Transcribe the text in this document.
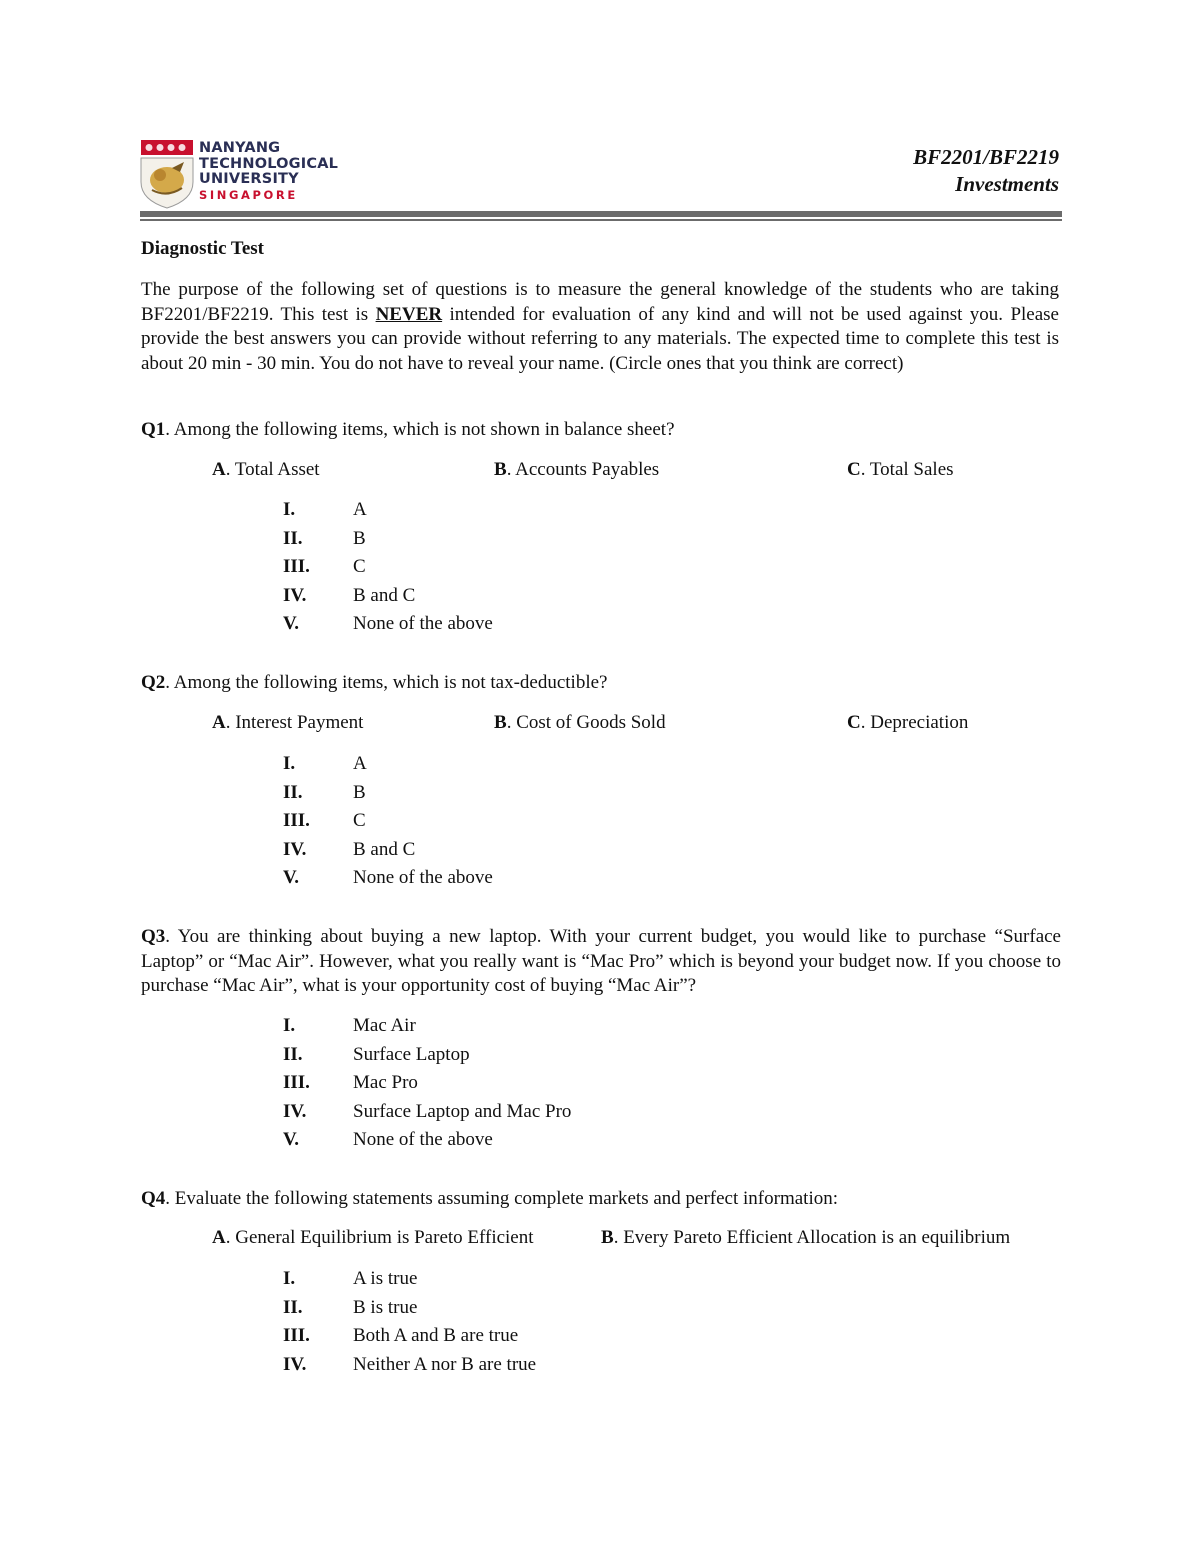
NANYANG
TECHNOLOGICAL
UNIVERSITY
SINGAPORE
BF2201/BF2219
Investments
Diagnostic Test
The purpose of the following set of questions is to measure the general knowledge of the students who are taking BF2201/BF2219. This test is NEVER intended for evaluation of any kind and will not be used against you. Please provide the best answers you can provide without referring to any materials. The expected time to complete this test is about 20 min - 30 min. You do not have to reveal your name. (Circle ones that you think are correct)
Q1. Among the following items, which is not shown in balance sheet?
A. Total Asset	B. Accounts Payables	C. Total Sales
I.	A
II.	B
III. C
IV. B and C
V.	None of the above
Q2. Among the following items, which is not tax-deductible?
A. Interest Payment	B. Cost of Goods Sold	C. Depreciation
I.	A
II.	B
III. C
IV. B and C
V.	None of the above
Q3. You are thinking about buying a new laptop. With your current budget, you would like to purchase “Surface Laptop” or “Mac Air”. However, what you really want is “Mac Pro” which is beyond your budget now. If you choose to purchase “Mac Air”, what is your opportunity cost of buying “Mac Air”?
I.	Mac Air
II.	Surface Laptop
III. Mac Pro
IV. Surface Laptop and Mac Pro
V.	None of the above
Q4. Evaluate the following statements assuming complete markets and perfect information:
A. General Equilibrium is Pareto Efficient	B. Every Pareto Efficient Allocation is an equilibrium
I.	A is true
II.	B is true
III. Both A and B are true
IV. Neither A nor B are true
